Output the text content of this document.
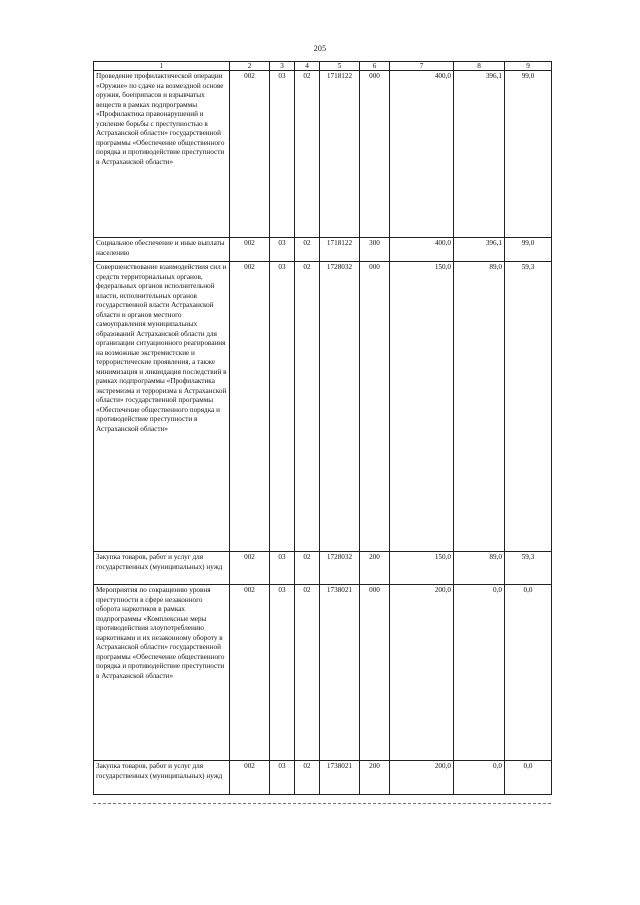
205
1	2	3	4	5	6	7	8	9
Проведение профилактической операции «Оружие» по сдаче на возмездной основе оружия, боеприпасов и взрывчатых веществ в рамках подпрограммы «Профилактика правонарушений и усиление борьбы с преступностью в Астраханской области» государственной программы «Обеспечение общественного порядка и противодействие преступности в Астраханской области»	002	03	02	1718122	000	400,0	396,1	99,0
Социальное обеспечение и иные выплаты населению	002	03	02	1718122	300	400,0	396,1	99,0
Совершенствование взаимодействия сил и средств территориальных органов, федеральных органов исполнительной власти, исполнительных органов государственной власти Астраханской области и органов местного самоуправления муниципальных образований Астраханской области для организации ситуационного реагирования на возможные экстремистские и террористические проявления, а также минимизация и ликвидация последствий в рамках подпрограммы «Профилактика экстремизма и терроризма в Астраханской области» государственной программы «Обеспечение общественного порядка и противодействие преступности в Астраханской области»	002	03	02	1728032	000	150,0	89,0	59,3
Закупка товаров, работ и услуг для государственных (муниципальных) нужд	002	03	02	1728032	200	150,0	89,0	59,3
Мероприятия по сокращению уровня преступности в сфере незаконного оборота наркотиков в рамках подпрограммы «Комплексные меры противодействия злоупотреблению наркотиками и их незаконному обороту в Астраханской области» государственной программы «Обеспечение общественного порядка и противодействие преступности в Астраханской области»	002	03	02	1738021	000	200,0	0,0	0,0
Закупка товаров, работ и услуг для государственных (муниципальных) нужд	002	03	02	1738021	200	200,0	0,0	0,0
